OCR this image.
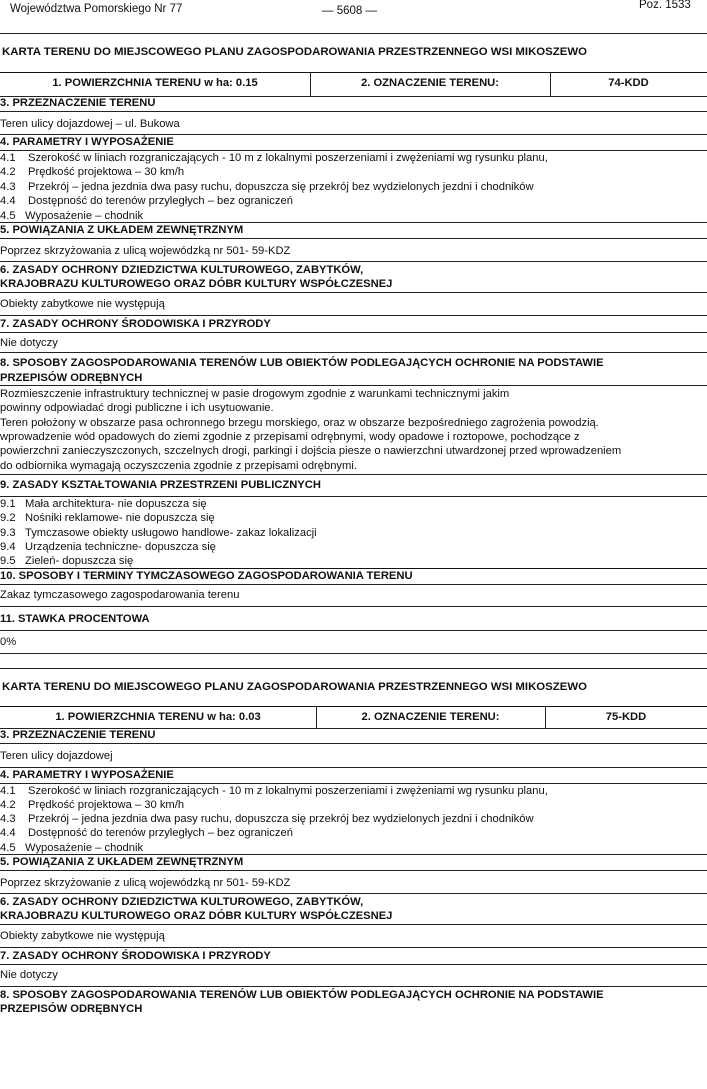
Województwa Pomorskiego Nr 77	— 5608 —	Poz. 1533
KARTA TERENU DO MIEJSCOWEGO PLANU ZAGOSPODAROWANIA PRZESTRZENNEGO WSI MIKOSZEWO
1. POWIERZCHNIA TERENU w ha: 0.15	2. OZNACZENIE TERENU:	74-KDD
3. PRZEZNACZENIE TERENU
Teren ulicy dojazdowej – ul. Bukowa
4. PARAMETRY I WYPOSAŻENIE
4.1 Szerokość w liniach rozgraniczających - 10 m z lokalnymi poszerzeniami i zwężeniami wg rysunku planu,
4.2 Prędkość projektowa – 30 km/h
4.3 Przekrój – jedna jezdnia dwa pasy ruchu, dopuszcza się przekrój bez wydzielonych jezdni i chodników
4.4 Dostępność do terenów przyległych – bez ograniczeń
4.5 Wyposażenie – chodnik
5. POWIĄZANIA Z UKŁADEM ZEWNĘTRZNYM
Poprzez skrzyżowania z ulicą wojewódzką nr 501- 59-KDZ
6. ZASADY OCHRONY DZIEDZICTWA KULTUROWEGO, ZABYTKÓW,
KRAJOBRAZU KULTUROWEGO ORAZ DÓBR KULTURY WSPÓŁCZESNEJ
Obiekty zabytkowe nie występują
7. ZASADY OCHRONY ŚRODOWISKA I PRZYRODY
Nie dotyczy
8. SPOSOBY ZAGOSPODAROWANIA TERENÓW LUB OBIEKTÓW PODLEGAJĄCYCH OCHRONIE NA PODSTAWIE
PRZEPISÓW ODRĘBNYCH
Rozmieszczenie infrastruktury technicznej w pasie drogowym zgodnie z warunkami technicznymi jakim
powinny odpowiadać drogi publiczne i ich usytuowanie.
Teren położony w obszarze pasa ochronnego brzegu morskiego, oraz w obszarze bezpośredniego zagrożenia powodzią.
wprowadzenie wód opadowych do ziemi zgodnie z przepisami odrębnymi, wody opadowe i roztopowe, pochodzące z
powierzchni zanieczyszczonych, szczelnych drogi, parkingi i dojścia piesze o nawierzchni utwardzonej przed wprowadzeniem
do odbiornika wymagają oczyszczenia zgodnie z przepisami odrębnymi.
9. ZASADY KSZTAŁTOWANIA PRZESTRZENI PUBLICZNYCH
9.1 Mała architektura- nie dopuszcza się
9.2 Nośniki reklamowe- nie dopuszcza się
9.3 Tymczasowe obiekty usługowo handlowe- zakaz lokalizacji
9.4 Urządzenia techniczne- dopuszcza się
9.5 Zieleń- dopuszcza się
10. SPOSOBY I TERMINY TYMCZASOWEGO ZAGOSPODAROWANIA TERENU
Zakaz tymczasowego zagospodarowania terenu
11. STAWKA PROCENTOWA
0%
KARTA TERENU DO MIEJSCOWEGO PLANU ZAGOSPODAROWANIA PRZESTRZENNEGO WSI MIKOSZEWO
1. POWIERZCHNIA TERENU w ha: 0.03	2. OZNACZENIE TERENU:	75-KDD
3. PRZEZNACZENIE TERENU
Teren ulicy dojazdowej
4. PARAMETRY I WYPOSAŻENIE
4.1 Szerokość w liniach rozgraniczających - 10 m z lokalnymi poszerzeniami i zwężeniami wg rysunku planu,
4.2 Prędkość projektowa – 30 km/h
4.3 Przekrój – jedna jezdnia dwa pasy ruchu, dopuszcza się przekrój bez wydzielonych jezdni i chodników
4.4 Dostępność do terenów przyległych – bez ograniczeń
4.5 Wyposażenie – chodnik
5. POWIĄZANIA Z UKŁADEM ZEWNĘTRZNYM
Poprzez skrzyżowanie z ulicą wojewódzką nr 501- 59-KDZ
6. ZASADY OCHRONY DZIEDZICTWA KULTUROWEGO, ZABYTKÓW,
KRAJOBRAZU KULTUROWEGO ORAZ DÓBR KULTURY WSPÓŁCZESNEJ
Obiekty zabytkowe nie występują
7. ZASADY OCHRONY ŚRODOWISKA I PRZYRODY
Nie dotyczy
8. SPOSOBY ZAGOSPODAROWANIA TERENÓW LUB OBIEKTÓW PODLEGAJĄCYCH OCHRONIE NA PODSTAWIE
PRZEPISÓW ODRĘBNYCH
